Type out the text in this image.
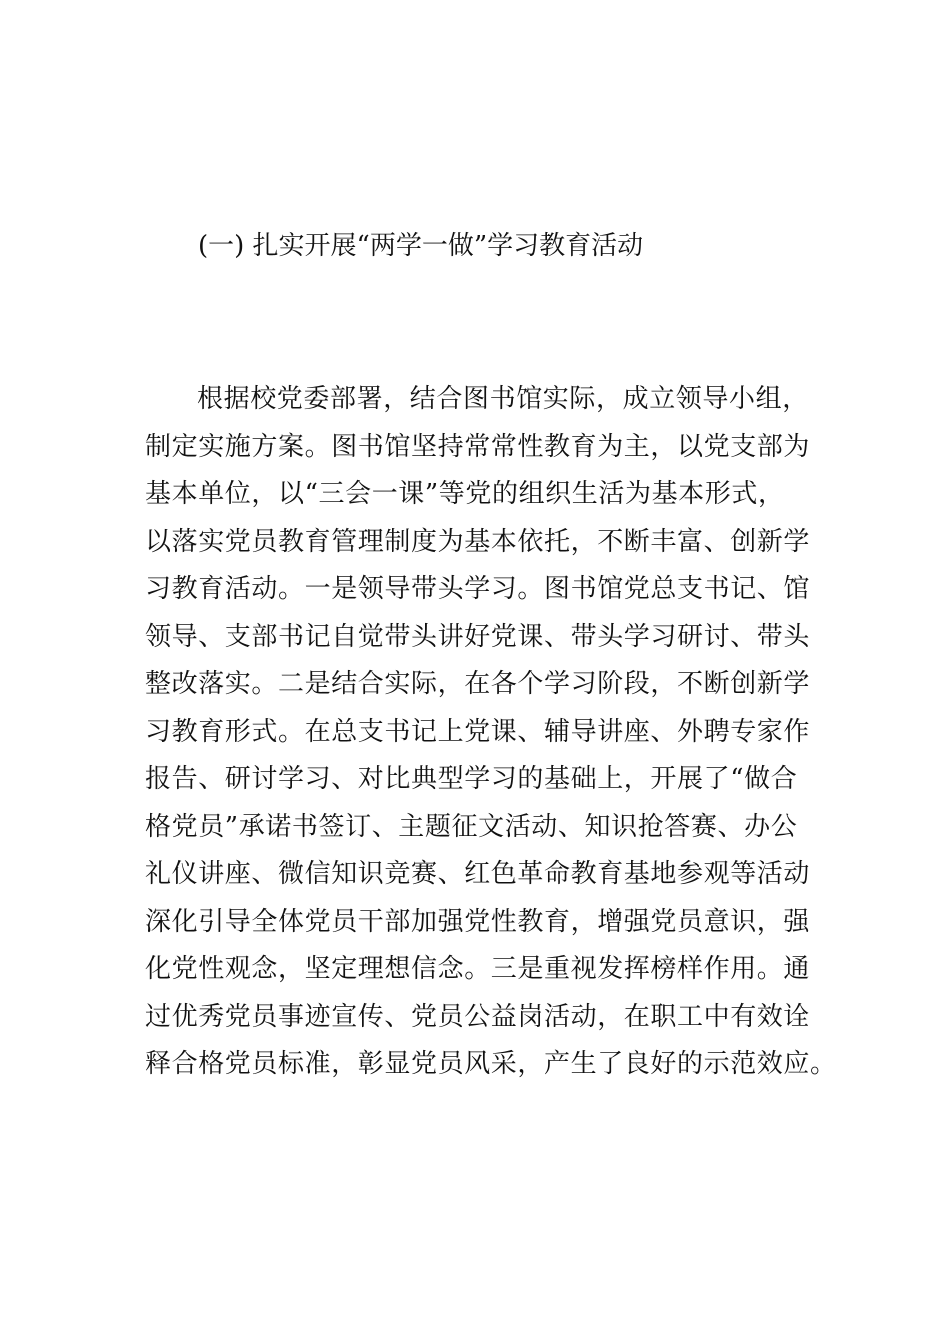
(一) 扎实开展“两学一做”学习教育活动
根据校党委部署，结合图书馆实际，成立领导小组，
制定实施方案。图书馆坚持常常性教育为主，以党支部为
基本单位，以“三会一课”等党的组织生活为基本形式，
以落实党员教育管理制度为基本依托，不断丰富、创新学
习教育活动。一是领导带头学习。图书馆党总支书记、馆
领导、支部书记自觉带头讲好党课、带头学习研讨、带头
整改落实。二是结合实际，在各个学习阶段，不断创新学
习教育形式。在总支书记上党课、辅导讲座、外聘专家作
报告、研讨学习、对比典型学习的基础上，开展了“做合
格党员”承诺书签订、主题征文活动、知识抢答赛、办公
礼仪讲座、微信知识竞赛、红色革命教育基地参观等活动
深化引导全体党员干部加强党性教育，增强党员意识，强
化党性观念，坚定理想信念。三是重视发挥榜样作用。通
过优秀党员事迹宣传、党员公益岗活动，在职工中有效诠
释合格党员标准，彰显党员风采，产生了良好的示范效应。
